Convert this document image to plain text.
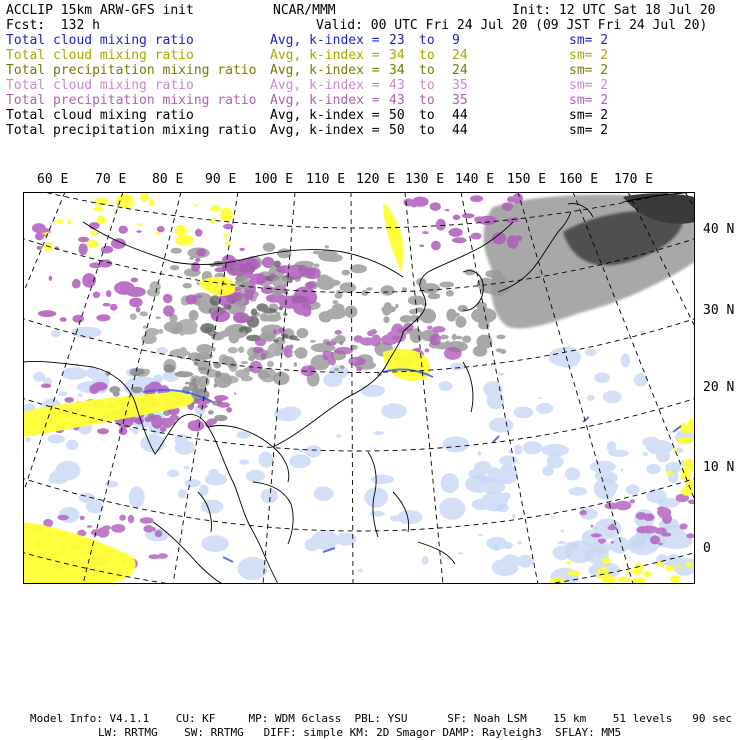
ACCLIP 15km ARW-GFS init	NCAR/MMM	Init: 12 UTC Sat 18 Jul 20
Fcst:  132 h	Valid: 00 UTC Fri 24 Jul 20 (09 JST Fri 24 Jul 20)
Total cloud mixing ratio	Avg, k-index = 23 to 9	sm= 2
Total cloud mixing ratio	Avg, k-index = 34 to 24	sm= 2
Total precipitation mixing ratio Avg, k-index = 34 to 24	sm= 2
Total cloud mixing ratio	Avg, k-index = 43 to 35	sm= 2
Total precipitation mixing ratio Avg, k-index = 43 to 35	sm= 2
Total cloud mixing ratio	Avg, k-index = 50 to 44	sm= 2
Total precipitation mixing ratio Avg, k-index = 50 to 44	sm= 2
60 E 70 E 80 E 90 E 100 E 110 E 120 E 130 E 140 E 150 E 160 E 170 E
40 N
30 N
20 N
10 N
0
Model Info: V4.1.1    CU: KF     MP: WDM 6class  PBL: YSU      SF: Noah LSM    15 km    51 levels   90 sec
LW: RRTMG    SW: RRTMG   DIFF: simple KM: 2D Smagor DAMP: Rayleigh3  SFLAY: MM5
